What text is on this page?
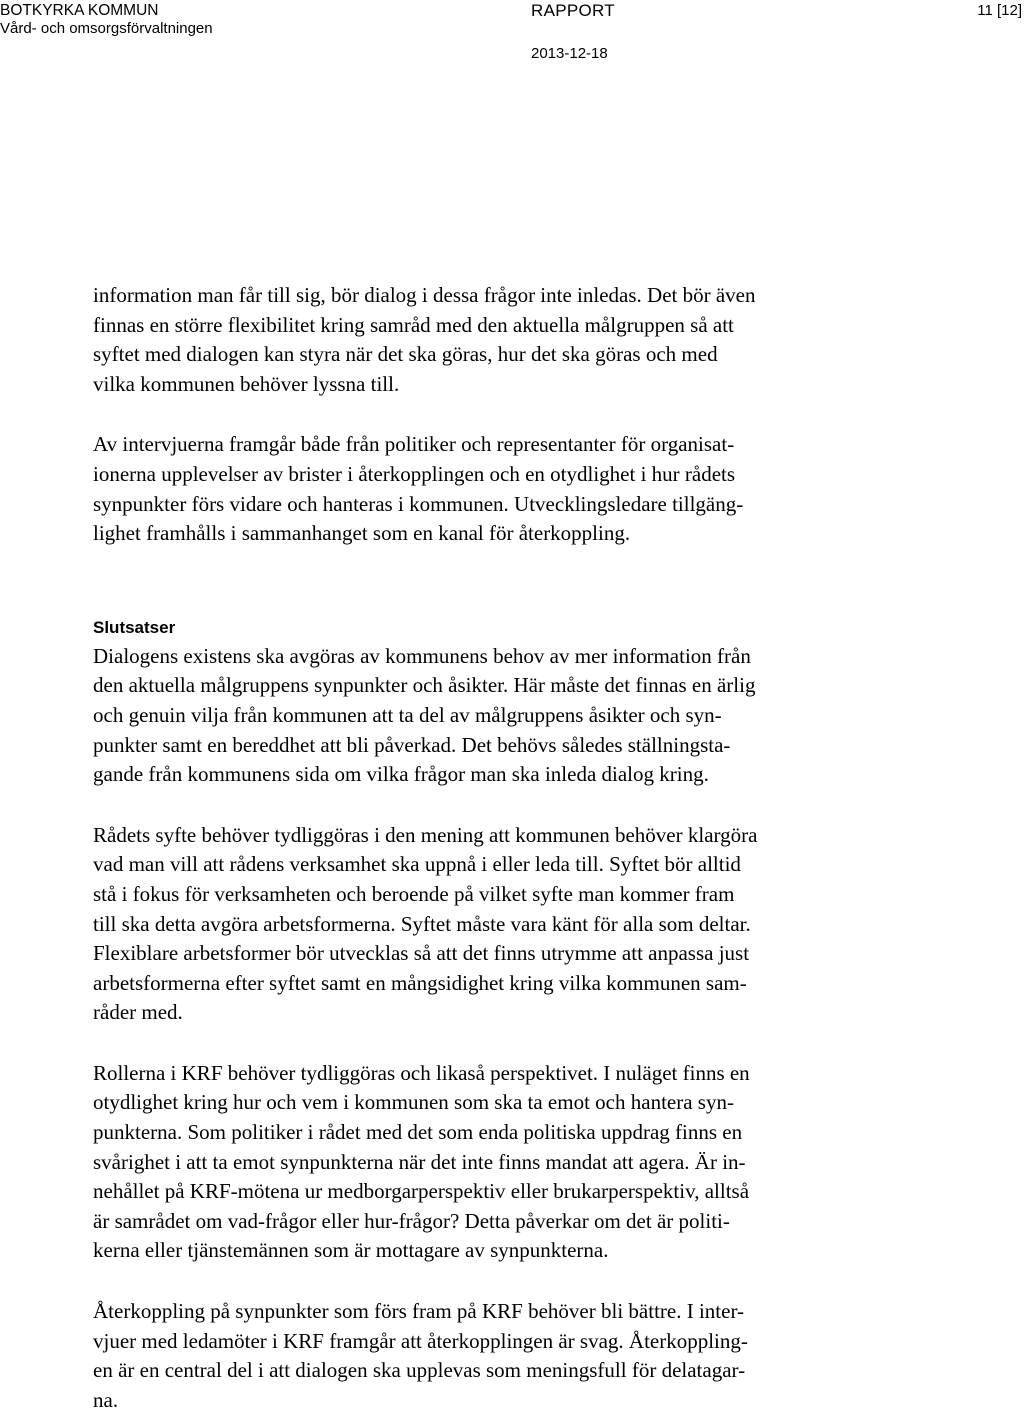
BOTKYRKA KOMMUN
Vård- och omsorgsförvaltningen
RAPPORT
2013-12-18
11 [12]

information man får till sig, bör dialog i dessa frågor inte inledas. Det bör även
finnas en större flexibilitet kring samråd med den aktuella målgruppen så att
syftet med dialogen kan styra när det ska göras, hur det ska göras och med
vilka kommunen behöver lyssna till.

Av intervjuerna framgår både från politiker och representanter för organisat-
ionerna upplevelser av brister i återkopplingen och en otydlighet i hur rådets
synpunkter förs vidare och hanteras i kommunen. Utvecklingsledare tillgäng-
lighet framhålls i sammanhanget som en kanal för återkoppling.

Slutsatser

Dialogens existens ska avgöras av kommunens behov av mer information från
den aktuella målgruppens synpunkter och åsikter. Här måste det finnas en ärlig
och genuin vilja från kommunen att ta del av målgruppens åsikter och syn-
punkter samt en bereddhet att bli påverkad. Det behövs således ställningsta-
gande från kommunens sida om vilka frågor man ska inleda dialog kring.

Rådets syfte behöver tydliggöras i den mening att kommunen behöver klargöra
vad man vill att rådens verksamhet ska uppnå i eller leda till. Syftet bör alltid
stå i fokus för verksamheten och beroende på vilket syfte man kommer fram
till ska detta avgöra arbetsformerna. Syftet måste vara känt för alla som deltar.
Flexiblare arbetsformer bör utvecklas så att det finns utrymme att anpassa just
arbetsformerna efter syftet samt en mångsidighet kring vilka kommunen sam-
råder med.

Rollerna i KRF behöver tydliggöras och likaså perspektivet. I nuläget finns en
otydlighet kring hur och vem i kommunen som ska ta emot och hantera syn-
punkterna. Som politiker i rådet med det som enda politiska uppdrag finns en
svårighet i att ta emot synpunkterna när det inte finns mandat att agera. Är in-
nehållet på KRF-mötena ur medborgarperspektiv eller brukarperspektiv, alltså
är samrådet om vad-frågor eller hur-frågor? Detta påverkar om det är politi-
kerna eller tjänstemännen som är mottagare av synpunkterna.

Återkoppling på synpunkter som förs fram på KRF behöver bli bättre. I inter-
vjuer med ledamöter i KRF framgår att återkopplingen är svag. Återkoppling-
en är en central del i att dialogen ska upplevas som meningsfull för delatagar-
na.
